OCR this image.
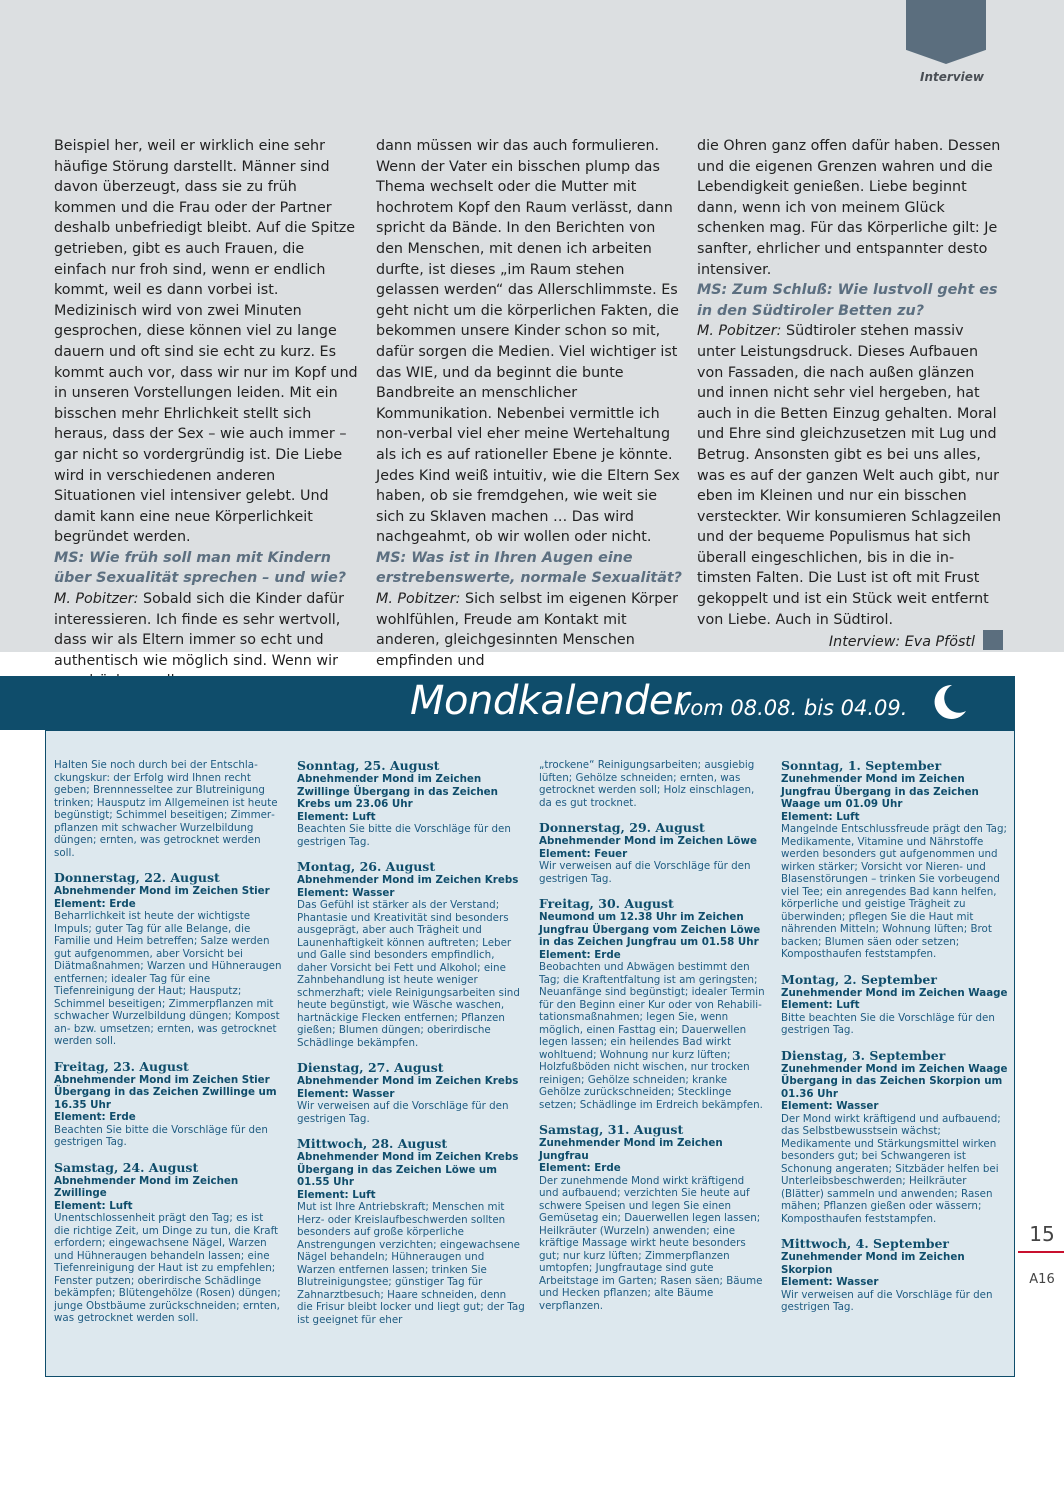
Interview

Beispiel her, weil er wirklich eine sehr häufige Störung darstellt. Männer sind davon überzeugt, dass sie zu früh kommen und die Frau oder der Partner deshalb unbefriedigt bleibt. Auf die Spitze getrieben, gibt es auch Frauen, die einfach nur froh sind, wenn er endlich kommt, weil es dann vorbei ist. Medizinisch wird von zwei Minuten gesprochen, diese können viel zu lange dauern und oft sind sie echt zu kurz. Es kommt auch vor, dass wir nur im Kopf und in unseren Vorstellungen leiden. Mit ein bisschen mehr Ehrlichkeit stellt sich heraus, dass der Sex – wie auch immer – gar nicht so vordergründig ist. Die Liebe wird in verschiedenen anderen Situationen viel intensiver gelebt. Und damit kann eine neue Körperlichkeit begründet werden.

MS: Wie früh soll man mit Kindern über Sexualität sprechen – und wie?

M. Pobitzer: Sobald sich die Kinder dafür interessieren. Ich finde es sehr wertvoll, dass wir als Eltern immer so echt und authentisch wie möglich sind. Wenn wir

dann müssen wir das auch formulieren. Wenn der Vater ein bisschen plump das Thema wechselt oder die Mutter mit hochrotem Kopf den Raum verlässt, dann spricht da Bände. In den Berichten von den Menschen, mit denen ich arbeiten durfte, ist dieses „im Raum stehen gelassen werden“ das Allerschlimmste. Es geht nicht um die körperlichen Fakten, die bekommen unsere Kinder schon so mit, dafür sorgen die Medien. Viel wichtiger ist das WIE, und da beginnt die bunte Bandbreite an menschlicher Kommunikation. Nebenbei vermittle ich non-verbal viel eher meine Wertehaltung als ich es auf rationeller Ebene je könnte. Jedes Kind weiß intuitiv, wie die Eltern Sex haben, ob sie fremdgehen, wie weit sie sich zu Sklaven machen … Das wird nachgeahmt, ob wir wollen oder nicht.

MS: Was ist in Ihren Augen eine erstrebenswerte, normale Sexualität?

M. Pobitzer: Sich selbst im eigenen Körper wohlfühlen, Freude am Kontakt mit anderen, gleichgesinnten Menschen empfinden und

die Ohren ganz offen dafür haben. Dessen und die eigenen Grenzen wahren und die Lebendigkeit genießen. Liebe beginnt dann, wenn ich von meinem Glück schenken mag. Für das Körperliche gilt: Je sanfter, ehrlicher und entspannter desto intensiver.

MS: Zum Schluß: Wie lustvoll geht es in den Südtiroler Betten zu?

M. Pobitzer: Südtiroler stehen massiv unter Leistungsdruck. Dieses Aufbauen von Fassaden, die nach außen glänzen und innen nicht sehr viel hergeben, hat auch in die Betten Einzug gehalten. Moral und Ehre sind gleichzusetzen mit Lug und Betrug. Ansonsten gibt es bei uns alles, was es auf der ganzen Welt auch gibt, nur eben im Kleinen und nur ein bisschen versteckter. Wir konsumieren Schlagzeilen und der bequeme Populismus hat sich überall eingeschlichen, bis in die intimsten Falten. Die Lust ist oft mit Frust gekoppelt und ist ein Stück weit entfernt von Liebe. Auch in Südtirol.

Interview: Eva Pföstl

Mondkalender
vom 08.08. bis 04.09.
Halten Sie noch durch bei der Entschlackungskur: der Erfolg wird Ihnen recht geben; Brennnesseltee zur Blutreinigung trinken; Hausputz im Allgemeinen ist heute begünstigt; Schimmel beseitigen; Zimmerpflanzen mit schwacher Wurzelbildung düngen; ernten, was getrocknet werden soll.
Donnerstag, 22. August
Abnehmender Mond im Zeichen Stier
Element: Erde
Beharrlichkeit ist heute der wichtigste Impuls; guter Tag für alle Belange, die Familie und Heim betreffen; Salze werden gut aufgenommen, aber Vorsicht bei Diätmaßnahmen; Warzen und Hühneraugen entfernen; idealer Tag für eine Tiefenreinigung der Haut; Hausputz; Schimmel beseitigen; Zimmerpflanzen mit schwacher Wurzelbildung düngen; Kompost an- bzw. umsetzen; ernten, was getrocknet werden soll.
Freitag, 23. August
Abnehmender Mond im Zeichen Stier Übergang in das Zeichen Zwillinge um 16.35 Uhr
Element: Erde
Beachten Sie bitte die Vorschläge für den gestrigen Tag.
Samstag, 24. August
Abnehmender Mond im Zeichen Zwillinge
Element: Luft
Unentschlossenheit prägt den Tag; es ist die richtige Zeit, um Dinge zu tun, die Kraft erfordern; eingewachsene Nägel, Warzen und Hühneraugen behandeln lassen; eine Tiefenreinigung der Haut ist zu empfehlen; Fenster putzen; oberirdische Schädlinge bekämpfen; Blütengehölze (Rosen) düngen; junge Obstbäume zurückschneiden; ernten, was getrocknet werden soll.
Sonntag, 25. August
Abnehmender Mond im Zeichen Zwillinge Übergang in das Zeichen Krebs um 23.06 Uhr
Element: Luft
Beachten Sie bitte die Vorschläge für den gestrigen Tag.
Montag, 26. August
Abnehmender Mond im Zeichen Krebs
Element: Wasser
Das Gefühl ist stärker als der Verstand; Phantasie und Kreativität sind besonders ausgeprägt, aber auch Trägheit und Launenhaftigkeit können auftreten; Leber und Galle sind besonders empfindlich, daher Vorsicht bei Fett und Alkohol; eine Zahnbehandlung ist heute weniger schmerzhaft; viele Reinigungsarbeiten sind heute begünstigt, wie Wäsche waschen, hartnäckige Flecken entfernen; Pflanzen gießen; Blumen düngen; oberirdische Schädlinge bekämpfen.
Dienstag, 27. August
Abnehmender Mond im Zeichen Krebs
Element: Wasser
Wir verweisen auf die Vorschläge für den gestrigen Tag.
Mittwoch, 28. August
Abnehmender Mond im Zeichen Krebs Übergang in das Zeichen Löwe um 01.55 Uhr
Element: Luft
Mut ist Ihre Antriebskraft; Menschen mit Herz- oder Kreislaufbeschwerden sollten besonders auf große körperliche Anstrengungen verzichten; eingewachsene Nägel behandeln; Hühneraugen und Warzen entfernen lassen; trinken Sie Blutreinigungstee; günstiger Tag für Zahnarztbesuch; Haare schneiden, denn die Frisur bleibt locker und liegt gut; der Tag ist geeignet für eher
„trockene“ Reinigungsarbeiten; ausgiebig lüften; Gehölze schneiden; ernten, was getrocknet werden soll; Holz einschlagen, da es gut trocknet.
Donnerstag, 29. August
Abnehmender Mond im Zeichen Löwe
Element: Feuer
Wir verweisen auf die Vorschläge für den gestrigen Tag.
Freitag, 30. August
Neumond um 12.38 Uhr im Zeichen Jungfrau Übergang vom Zeichen Löwe in das Zeichen Jungfrau um 01.58 Uhr
Element: Erde
Beobachten und Abwägen bestimmt den Tag; die Kraftentfaltung ist am geringsten; Neuanfänge sind begünstigt; idealer Termin für den Beginn einer Kur oder von Rehabilitationsmaßnahmen; legen Sie, wenn möglich, einen Fasttag ein; Dauerwellen legen lassen; ein heilendes Bad wirkt wohltuend; Wohnung nur kurz lüften; Holzfußböden nicht wischen, nur trocken reinigen; Gehölze schneiden; kranke Gehölze zurückschneiden; Stecklinge setzen; Schädlinge im Erdreich bekämpfen.
Samstag, 31. August
Zunehmender Mond im Zeichen Jungfrau
Element: Erde
Der zunehmende Mond wirkt kräftigend und aufbauend; verzichten Sie heute auf schwere Speisen und legen Sie einen Gemüsetag ein; Dauerwellen legen lassen; Heilkräuter (Wurzeln) anwenden; eine kräftige Massage wirkt heute besonders gut; nur kurz lüften; Zimmerpflanzen umtopfen; Jungfrautage sind gute Arbeitstage im Garten; Rasen säen; Bäume und Hecken pflanzen; alte Bäume verpflanzen.
Sonntag, 1. September
Zunehmender Mond im Zeichen Jungfrau Übergang in das Zeichen Waage um 01.09 Uhr
Element: Luft
Mangelnde Entschlussfreude prägt den Tag; Medikamente, Vitamine und Nährstoffe werden besonders gut aufgenommen und wirken stärker; Vorsicht vor Nieren- und Blasenstörungen – trinken Sie vorbeugend viel Tee; ein anregendes Bad kann helfen, körperliche und geistige Trägheit zu überwinden; pflegen Sie die Haut mit nährenden Mitteln; Wohnung lüften; Brot backen; Blumen säen oder setzen; Komposthaufen feststampfen.
Montag, 2. September
Zunehmender Mond im Zeichen Waage
Element: Luft
Bitte beachten Sie die Vorschläge für den gestrigen Tag.
Dienstag, 3. September
Zunehmender Mond im Zeichen Waage Übergang in das Zeichen Skorpion um 01.36 Uhr
Element: Wasser
Der Mond wirkt kräftigend und aufbauend; das Selbstbewusstsein wächst; Medikamente und Stärkungsmittel wirken besonders gut; bei Schwangeren ist Schonung angeraten; Sitzbäder helfen bei Unterleibsbeschwerden; Heilkräuter (Blätter) sammeln und anwenden; Rasen mähen; Pflanzen gießen oder wässern; Komposthaufen feststampfen.
Mittwoch, 4. September
Zunehmender Mond im Zeichen Skorpion
Element: Wasser
Wir verweisen auf die Vorschläge für den gestrigen Tag.
15
A16
